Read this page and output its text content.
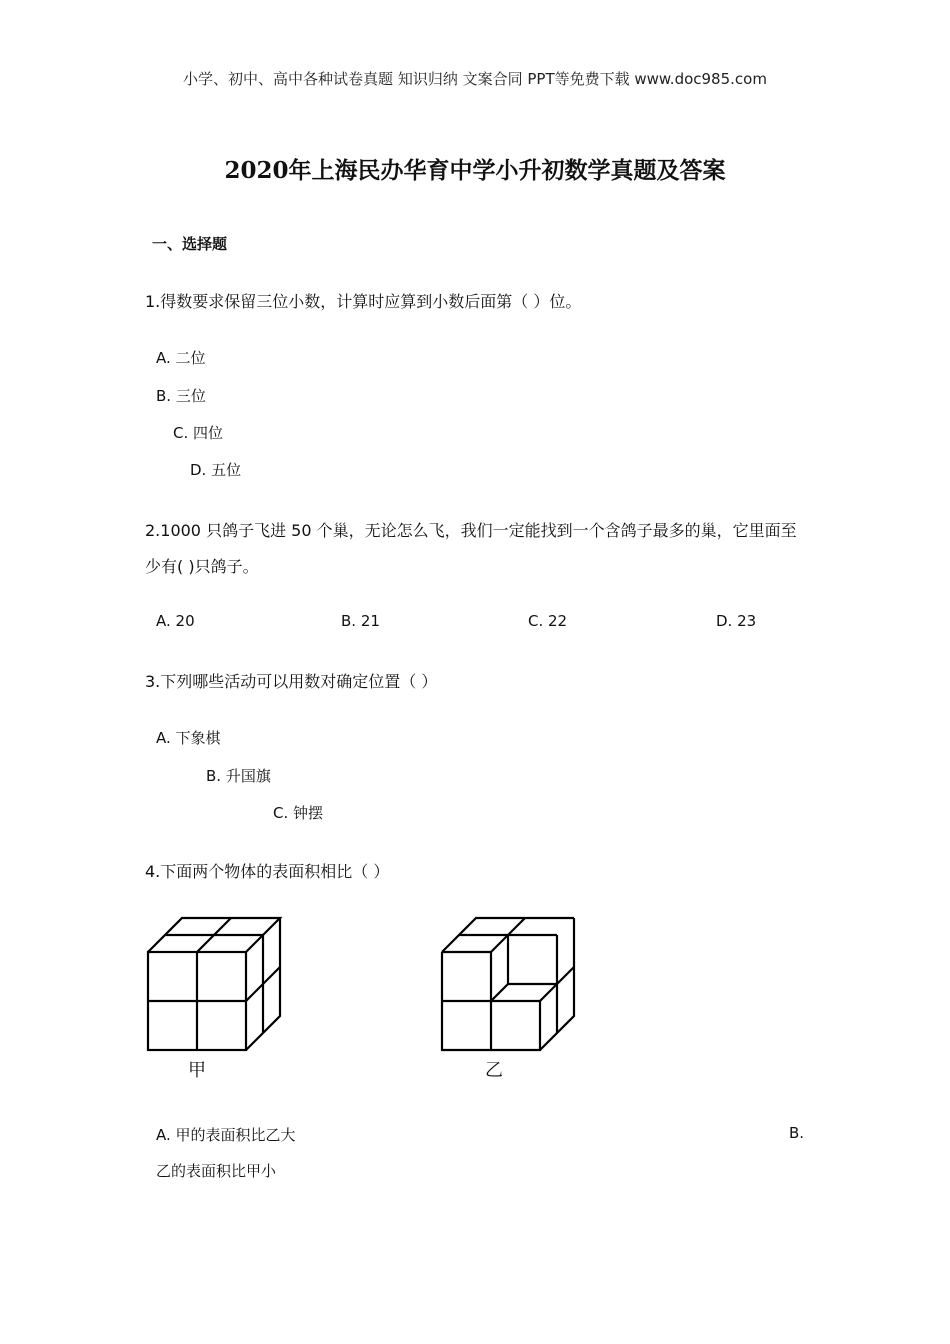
小学、初中、高中各种试卷真题 知识归纳 文案合同 PPT等免费下载 www.doc985.com
2020年上海民办华育中学小升初数学真题及答案
一、选择题
1.得数要求保留三位小数，计算时应算到小数后面第（ ）位。
A. 二位
B. 三位
C. 四位
D. 五位
2.1000 只鸽子飞进 50 个巢，无论怎么飞，我们一定能找到一个含鸽子最多的巢，它里面至
少有( )只鸽子。
A. 20	B. 21	C. 22	D. 23
3.下列哪些活动可以用数对确定位置（ ）
A. 下象棋
B. 升国旗
C. 钟摆
4.下面两个物体的表面积相比（ ）
甲	乙
A. 甲的表面积比乙大	B.
乙的表面积比甲小
